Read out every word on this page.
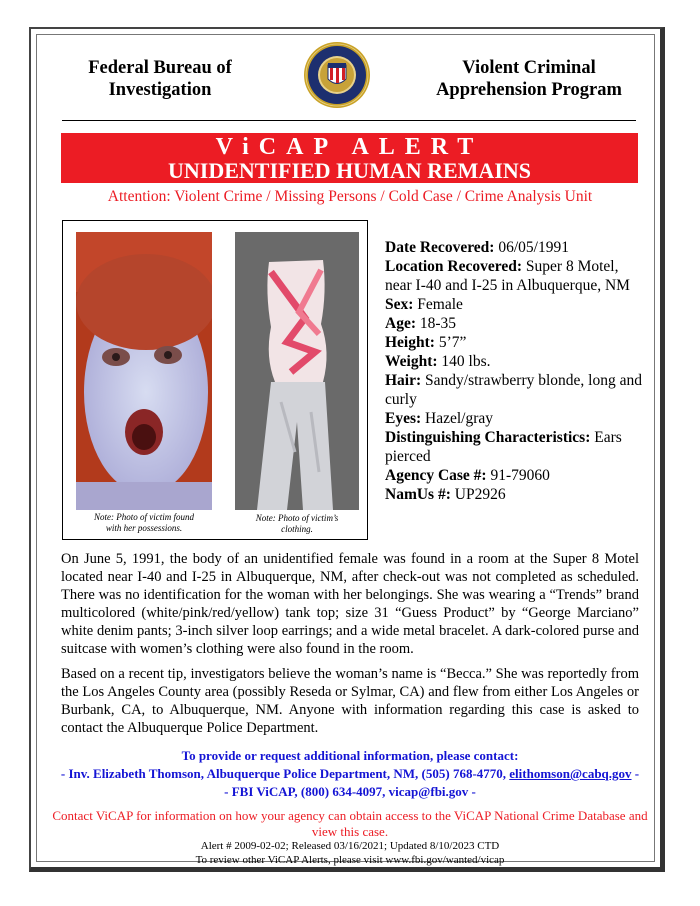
Federal Bureau of
Investigation
Violent Criminal
Apprehension Program
ViCAP ALERT
UNIDENTIFIED HUMAN REMAINS
Attention: Violent Crime / Missing Persons / Cold Case / Crime Analysis Unit
Note: Photo of victim found
with her possessions.
Note: Photo of victim’s
clothing.
Date Recovered: 06/05/1991
Location Recovered: Super 8 Motel, near I-40 and I-25 in Albuquerque, NM
Sex: Female
Age: 18-35
Height: 5’7”
Weight: 140 lbs.
Hair: Sandy/strawberry blonde, long and curly
Eyes: Hazel/gray
Distinguishing Characteristics: Ears pierced
Agency Case #: 91-79060
NamUs #: UP2926
On June 5, 1991, the body of an unidentified female was found in a room at the Super 8 Motel located near I-40 and I-25 in Albuquerque, NM, after check-out was not completed as scheduled. There was no identification for the woman with her belongings. She was wearing a “Trends” brand multicolored (white/pink/red/yellow) tank top; size 31 “Guess Product” by “George Marciano” white denim pants; 3-inch silver loop earrings; and a wide metal bracelet. A dark-colored purse and suitcase with women’s clothing were also found in the room.
Based on a recent tip, investigators believe the woman’s name is “Becca.” She was reportedly from the Los Angeles County area (possibly Reseda or Sylmar, CA) and flew from either Los Angeles or Burbank, CA, to Albuquerque, NM. Anyone with information regarding this case is asked to contact the Albuquerque Police Department.
To provide or request additional information, please contact:
- Inv. Elizabeth Thomson, Albuquerque Police Department, NM, (505) 768-4770, elithomson@cabq.gov -
- FBI ViCAP, (800) 634-4097, vicap@fbi.gov -
Contact ViCAP for information on how your agency can obtain access to the ViCAP National Crime Database and view this case.
Alert # 2009-02-02; Released 03/16/2021; Updated 8/10/2023 CTD
To review other ViCAP Alerts, please visit www.fbi.gov/wanted/vicap
